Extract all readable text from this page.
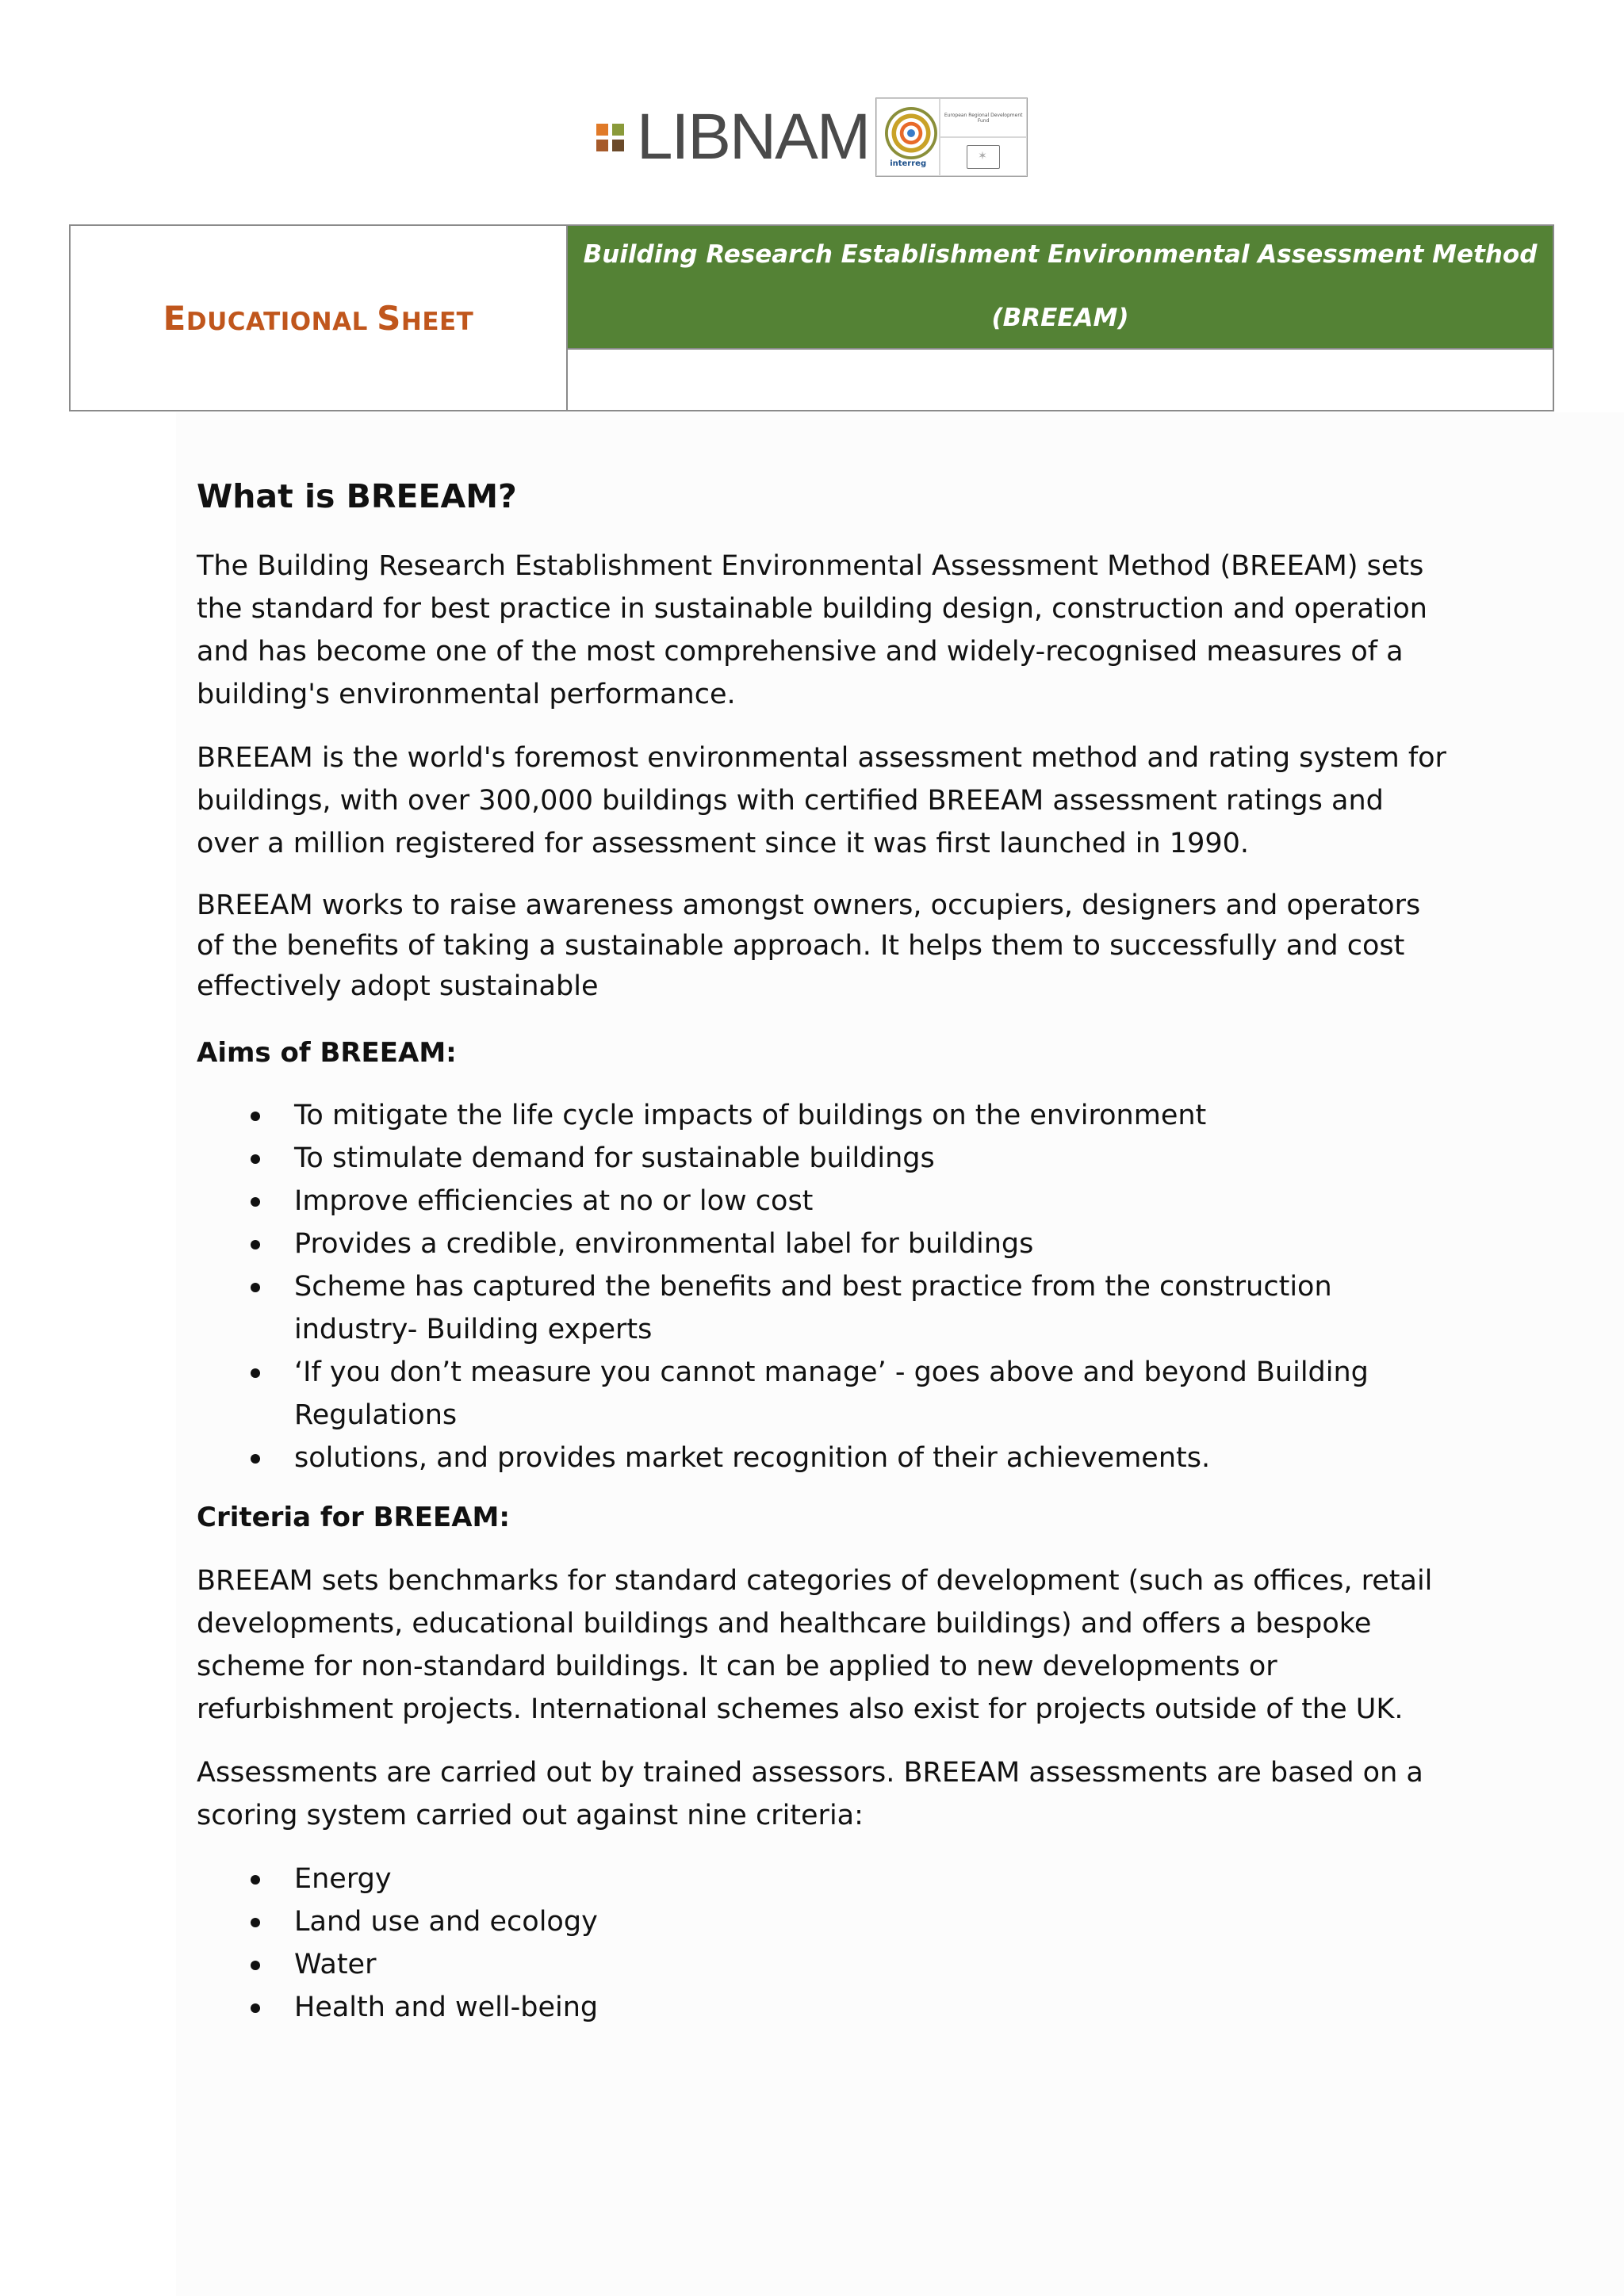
LIBNAM	interreg
European Regional Development Fund
✶
EDUCATIONAL SHEET
Building Research Establishment Environmental Assessment Method
(BREEAM)
What is BREEAM?

The Building Research Establishment Environmental Assessment Method (BREEAM) sets the standard for best practice in sustainable building design, construction and operation and has become one of the most comprehensive and widely-recognised measures of a building's environmental performance.

BREEAM is the world's foremost environmental assessment method and rating system for buildings, with over 300,000 buildings with certified BREEAM assessment ratings and over a million registered for assessment since it was first launched in 1990.

BREEAM works to raise awareness amongst owners, occupiers, designers and operators of the benefits of taking a sustainable approach. It helps them to successfully and cost effectively adopt sustainable

Aims of BREEAM:
To mitigate the life cycle impacts of buildings on the environment
To stimulate demand for sustainable buildings
Improve efficiencies at no or low cost
Provides a credible, environmental label for buildings
Scheme has captured the benefits and best practice from the construction industry- Building experts
‘If you don’t measure you cannot manage’ - goes above and beyond Building Regulations
solutions, and provides market recognition of their achievements.
Criteria for BREEAM:

BREEAM sets benchmarks for standard categories of development (such as offices, retail developments, educational buildings and healthcare buildings) and offers a bespoke scheme for non-standard buildings. It can be applied to new developments or refurbishment projects. International schemes also exist for projects outside of the UK.

Assessments are carried out by trained assessors. BREEAM assessments are based on a scoring system carried out against nine criteria:

Energy
Land use and ecology
Water
Health and well-being
